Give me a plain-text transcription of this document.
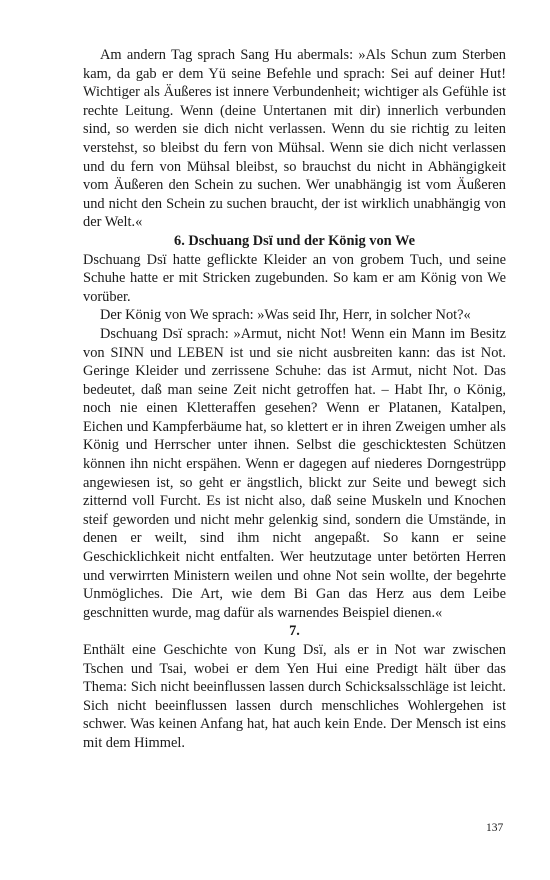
Am andern Tag sprach Sang Hu abermals: »Als Schun zum Sterben kam, da gab er dem Yü seine Befehle und sprach: Sei auf deiner Hut! Wichtiger als Äußeres ist innere Verbundenheit; wichtiger als Gefühle ist rechte Leitung. Wenn (deine Untertanen mit dir) innerlich verbunden sind, so werden sie dich nicht verlassen. Wenn du sie richtig zu leiten verstehst, so bleibst du fern von Mühsal. Wenn sie dich nicht verlassen und du fern von Mühsal bleibst, so brauchst du nicht in Abhängigkeit vom Äußeren den Schein zu suchen. Wer unabhängig ist vom Äußeren und nicht den Schein zu suchen braucht, der ist wirklich unabhängig von der Welt.«

6. Dschuang Dsï und der König von We

Dschuang Dsï hatte geflickte Kleider an von grobem Tuch, und seine Schuhe hatte er mit Stricken zugebunden. So kam er am König von We vorüber.

Der König von We sprach: »Was seid Ihr, Herr, in solcher Not?«

Dschuang Dsï sprach: »Armut, nicht Not! Wenn ein Mann im Besitz von SINN und LEBEN ist und sie nicht ausbreiten kann: das ist Not. Geringe Kleider und zerrissene Schuhe: das ist Armut, nicht Not. Das bedeutet, daß man seine Zeit nicht getroffen hat. – Habt Ihr, o König, noch nie einen Kletteraffen gesehen? Wenn er Platanen, Katalpen, Eichen und Kampferbäume hat, so klettert er in ihren Zweigen umher als König und Herrscher unter ihnen. Selbst die geschicktesten Schützen können ihn nicht erspähen. Wenn er dagegen auf niederes Dorngestrüpp angewiesen ist, so geht er ängstlich, blickt zur Seite und bewegt sich zitternd voll Furcht. Es ist nicht also, daß seine Muskeln und Knochen steif geworden und nicht mehr gelenkig sind, sondern die Umstände, in denen er weilt, sind ihm nicht angepaßt. So kann er seine Geschicklichkeit nicht entfalten. Wer heutzutage unter betörten Herren und verwirrten Ministern weilen und ohne Not sein wollte, der begehrte Unmögliches. Die Art, wie dem Bi Gan das Herz aus dem Leibe geschnitten wurde, mag dafür als warnendes Beispiel dienen.«

7.

Enthält eine Geschichte von Kung Dsï, als er in Not war zwischen Tschen und Tsai, wobei er dem Yen Hui eine Predigt hält über das Thema: Sich nicht beeinflussen lassen durch Schicksalsschläge ist leicht. Sich nicht beeinflussen lassen durch menschliches Wohlergehen ist schwer. Was keinen Anfang hat, hat auch kein Ende. Der Mensch ist eins mit dem Himmel.

137
